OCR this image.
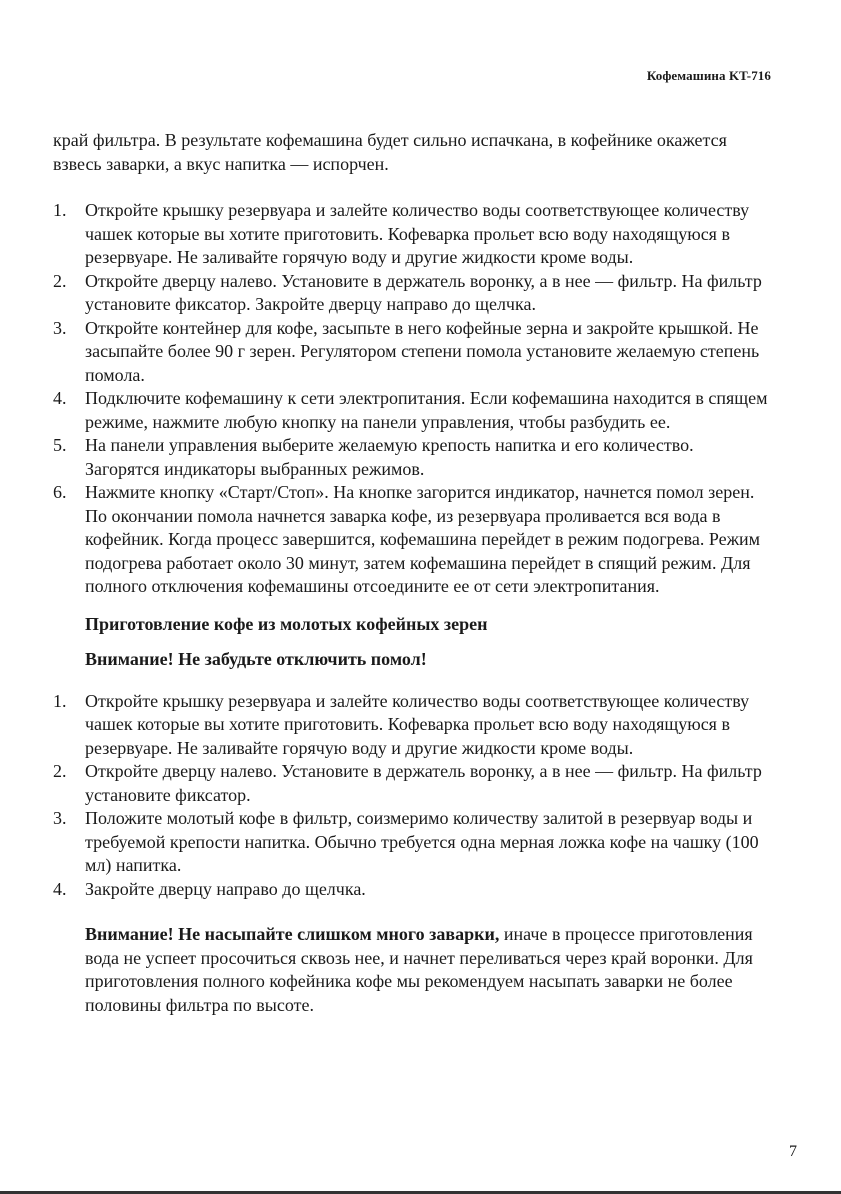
Кофемашина KT-716

край фильтра. В результате кофемашина будет сильно испачкана, в кофейнике окажется взвесь заварки, а вкус напитка — испорчен.

1. Откройте крышку резервуара и залейте количество воды соответствующее количеству чашек которые вы хотите приготовить. Кофеварка прольет всю воду находящуюся в резервуаре. Не заливайте горячую воду и другие жидкости кроме воды.
2. Откройте дверцу налево. Установите в держатель воронку, а в нее — фильтр. На фильтр установите фиксатор. Закройте дверцу направо до щелчка.
3. Откройте контейнер для кофе, засыпьте в него кофейные зерна и закройте крышкой. Не засыпайте более 90 г зерен. Регулятором степени помола установите желаемую степень помола.
4. Подключите кофемашину к сети электропитания. Если кофемашина находится в спящем режиме, нажмите любую кнопку на панели управления, чтобы разбудить ее.
5. На панели управления выберите желаемую крепость напитка и его количество. Загорятся индикаторы выбранных режимов.
6. Нажмите кнопку «Старт/Стоп». На кнопке загорится индикатор, начнется помол зерен. По окончании помола начнется заварка кофе, из резервуара проливается вся вода в кофейник. Когда процесс завершится, кофемашина перейдет в режим подогрева. Режим подогрева работает около 30 минут, затем кофемашина перейдет в спящий режим. Для полного отключения кофемашины отсоедините ее от сети электропитания.

Приготовление кофе из молотых кофейных зерен

Внимание! Не забудьте отключить помол!

1. Откройте крышку резервуара и залейте количество воды соответствующее количеству чашек которые вы хотите приготовить. Кофеварка прольет всю воду находящуюся в резервуаре. Не заливайте горячую воду и другие жидкости кроме воды.
2. Откройте дверцу налево. Установите в держатель воронку, а в нее — фильтр. На фильтр установите фиксатор.
3. Положите молотый кофе в фильтр, соизмеримо количеству залитой в резервуар воды и требуемой крепости напитка. Обычно требуется одна мерная ложка кофе на чашку (100 мл) напитка.
4. Закройте дверцу направо до щелчка.

Внимание! Не насыпайте слишком много заварки, иначе в процессе приготовления вода не успеет просочиться сквозь нее, и начнет переливаться через край воронки. Для приготовления полного кофейника кофе мы рекомендуем насыпать заварки не более половины фильтра по высоте.

7
